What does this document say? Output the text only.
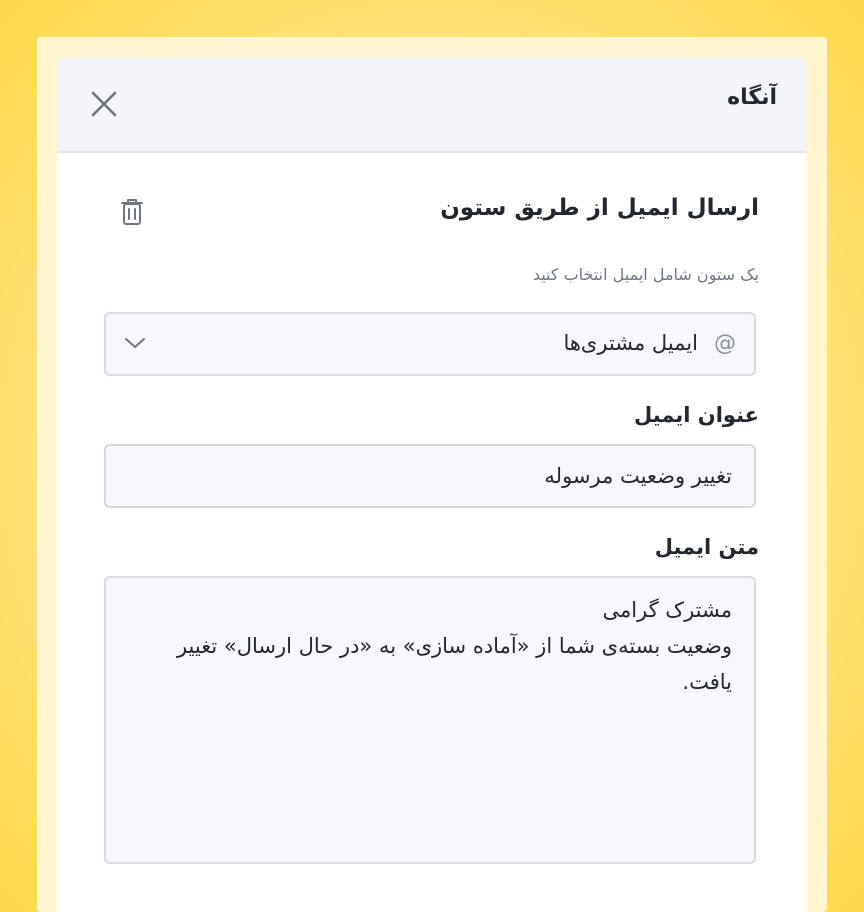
آنگاه
ارسال ایمیل از طریق ستون
یک ستون شامل ایمیل انتخاب کنید
@
ایمیل مشتری‌ها
عنوان ایمیل
تغییر وضعیت مرسوله
متن ایمیل
مشترک گرامی وضعیت بسته‌ی شما از «آماده سازی» به «در حال ارسال» تغییر یافت.
